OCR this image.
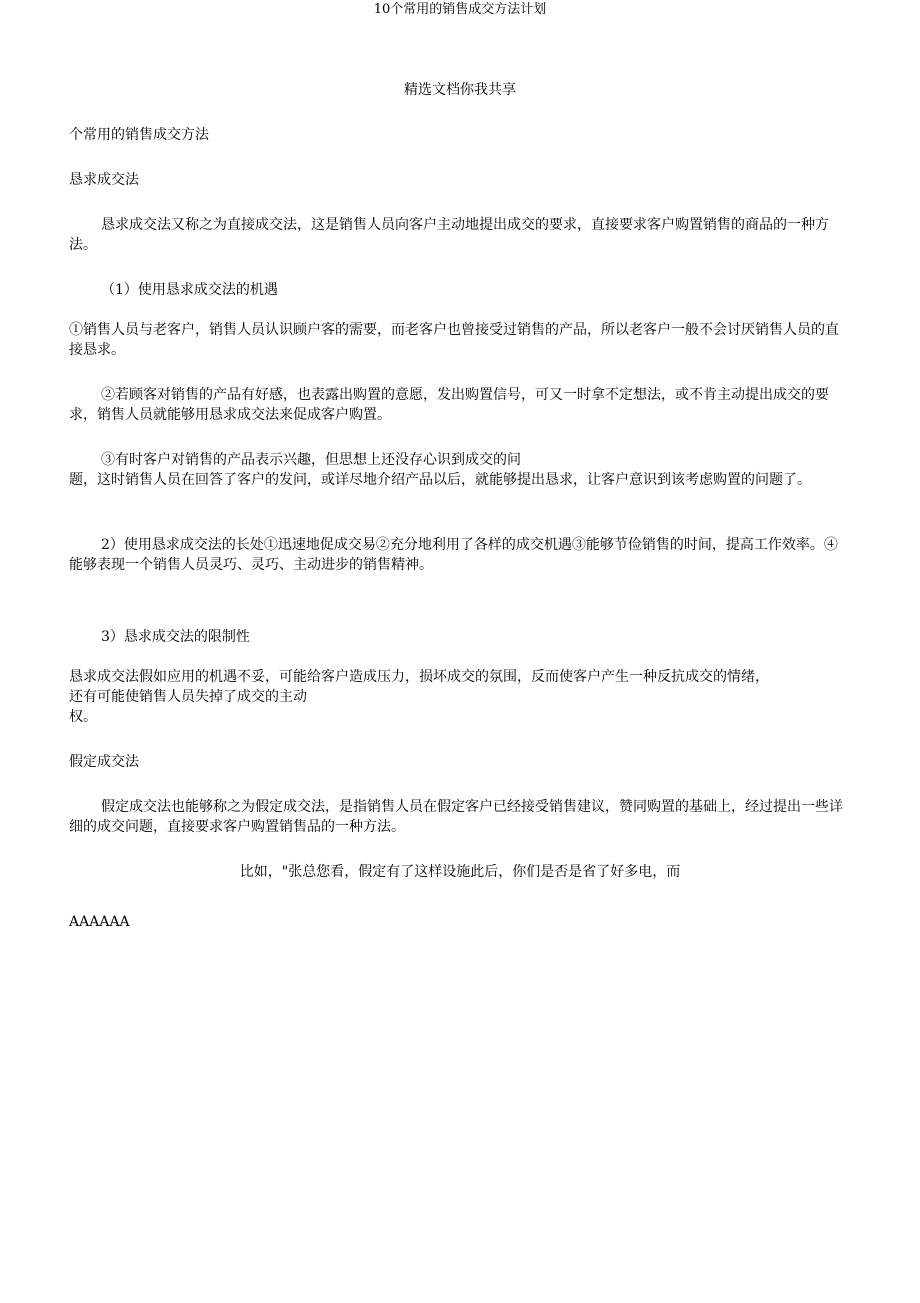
10个常用的销售成交方法计划
精选文档你我共享
个常用的销售成交方法
恳求成交法
恳求成交法又称之为直接成交法，这是销售人员向客户主动地提出成交的要求，直接要求客户购置销售的商品的一种方法。
（1）使用恳求成交法的机遇
①销售人员与老客户，销售人员认识顾户客的需要，而老客户也曾接受过销售的产品，所以老客户一般不会讨厌销售人员的直接恳求。
②若顾客对销售的产品有好感，也表露出购置的意愿，发出购置信号，可又一时拿不定想法，或不肯主动提出成交的要求，销售人员就能够用恳求成交法来促成客户购置。
③有时客户对销售的产品表示兴趣，但思想上还没存心识到成交的问
题，这时销售人员在回答了客户的发问，或详尽地介绍产品以后，就能够提出恳求，让客户意识到该考虑购置的问题了。
2）使用恳求成交法的长处①迅速地促成交易②充分地利用了各样的成交机遇③能够节俭销售的时间，提高工作效率。④能够表现一个销售人员灵巧、灵巧、主动进步的销售精神。
3）恳求成交法的限制性
恳求成交法假如应用的机遇不妥，可能给客户造成压力，损坏成交的氛围，反而使客户产生一种反抗成交的情绪，
还有可能使销售人员失掉了成交的主动
权。
假定成交法
假定成交法也能够称之为假定成交法，是指销售人员在假定客户已经接受销售建议，赞同购置的基础上，经过提出一些详细的成交问题，直接要求客户购置销售品的一种方法。
比如，"张总您看，假定有了这样设施此后，你们是否是省了好多电，而
AAAAAA
